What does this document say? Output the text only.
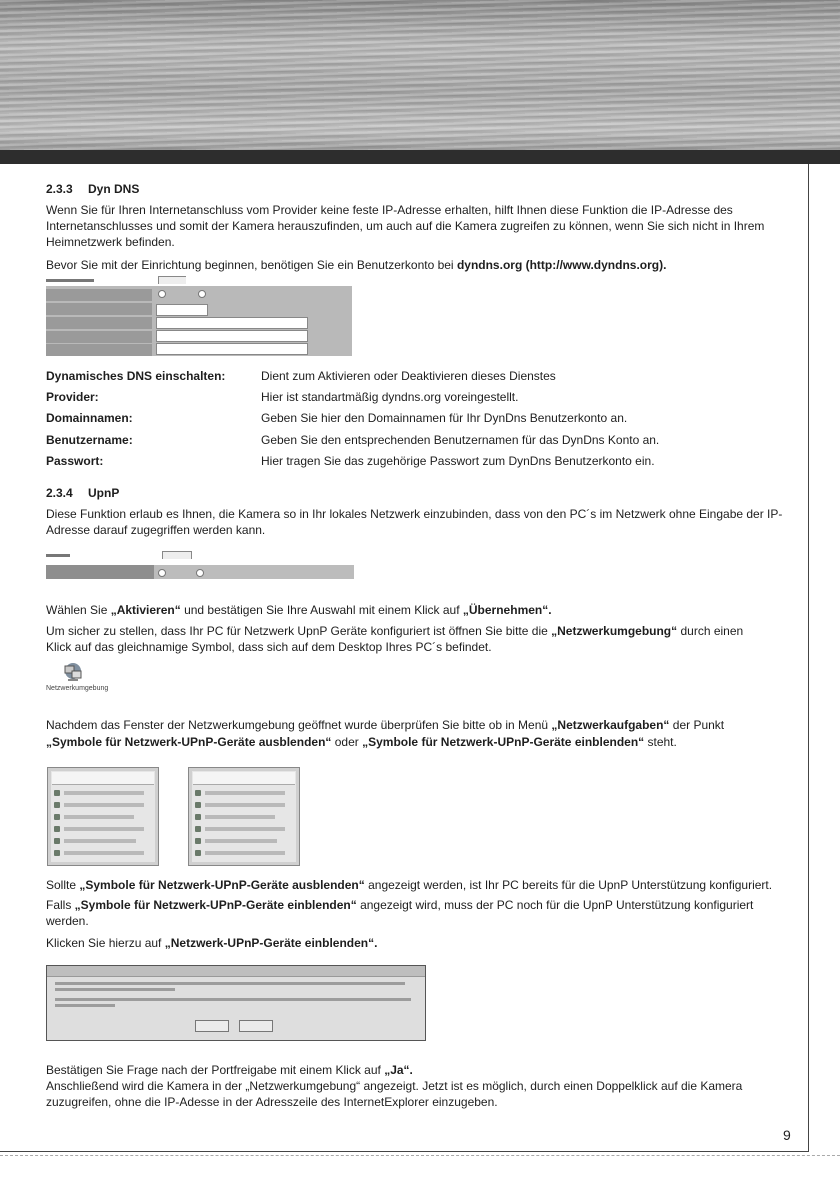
2.3.3 Dyn DNS
Wenn Sie für Ihren Internetanschluss vom Provider keine feste IP-Adresse erhalten, hilft Ihnen diese Funktion die IP-Adresse des Internetanschlusses und somit der Kamera herauszufinden, um auch auf die Kamera zugreifen zu können, wenn Sie sich nicht in Ihrem Heimnetzwerk befinden.
Bevor Sie mit der Einrichtung beginnen, benötigen Sie ein Benutzerkonto bei dyndns.org (http://www.dyndns.org).
Dynamisches DNS einschalten:	Dient zum Aktivieren oder Deaktivieren dieses Dienstes
Provider:	Hier ist standartmäßig dyndns.org voreingestellt.
Domainnamen:	Geben Sie hier den Domainnamen für Ihr DynDns Benutzerkonto an.
Benutzername:	Geben Sie den entsprechenden Benutzernamen für das DynDns Konto an.
Passwort:	Hier tragen Sie das zugehörige Passwort zum DynDns Benutzerkonto ein.
2.3.4 UpnP
Diese Funktion erlaub es Ihnen, die Kamera so in Ihr lokales Netzwerk einzubinden, dass von den PC´s im Netzwerk ohne Eingabe der IP-Adresse darauf zugegriffen werden kann.
Wählen Sie „Aktivieren“ und bestätigen Sie Ihre Auswahl mit einem Klick auf „Übernehmen“.
Um sicher zu stellen, dass Ihr PC für Netzwerk UpnP Geräte konfiguriert ist öffnen Sie bitte die „Netzwerkumgebung“ durch einen
Klick auf das gleichnamige Symbol, dass sich auf dem Desktop Ihres PC´s befindet.
Netzwerkumgebung
Nachdem das Fenster der Netzwerkumgebung geöffnet wurde überprüfen Sie bitte ob in Menü „Netzwerkaufgaben“ der Punkt
„Symbole für Netzwerk-UPnP-Geräte ausblenden“ oder „Symbole für Netzwerk-UPnP-Geräte einblenden“ steht.
Sollte „Symbole für Netzwerk-UPnP-Geräte ausblenden“ angezeigt werden, ist Ihr PC bereits für die UpnP Unterstützung konfiguriert.
Falls „Symbole für Netzwerk-UPnP-Geräte einblenden“ angezeigt wird, muss der PC noch für die UpnP Unterstützung konfiguriert
werden.
Klicken Sie hierzu auf „Netzwerk-UPnP-Geräte einblenden“.
Bestätigen Sie Frage nach der Portfreigabe mit einem Klick auf „Ja“.
Anschließend wird die Kamera in der „Netzwerkumgebung“ angezeigt. Jetzt ist es möglich, durch einen Doppelklick auf die Kamera zuzugreifen, ohne die IP-Adesse in der Adresszeile des InternetExplorer einzugeben.
9
